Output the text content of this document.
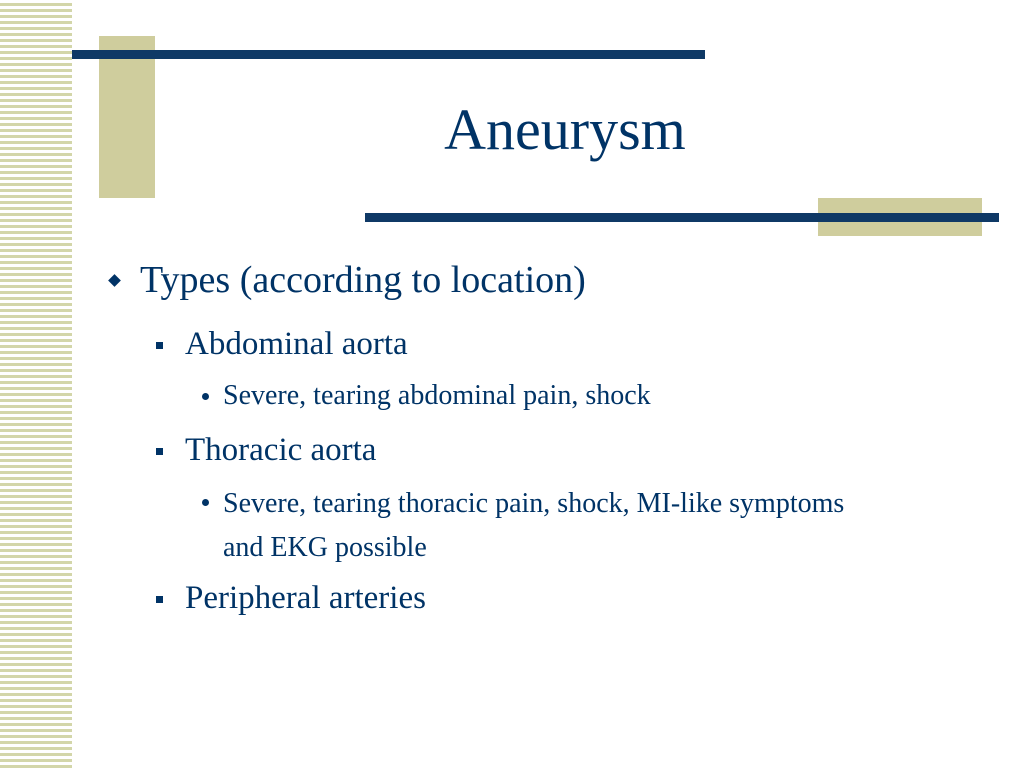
Aneurysm
Types (according to location)
Abdominal aorta
Severe, tearing abdominal pain, shock
Thoracic aorta
Severe, tearing thoracic pain, shock, MI-like symptoms and EKG possible
Peripheral arteries
